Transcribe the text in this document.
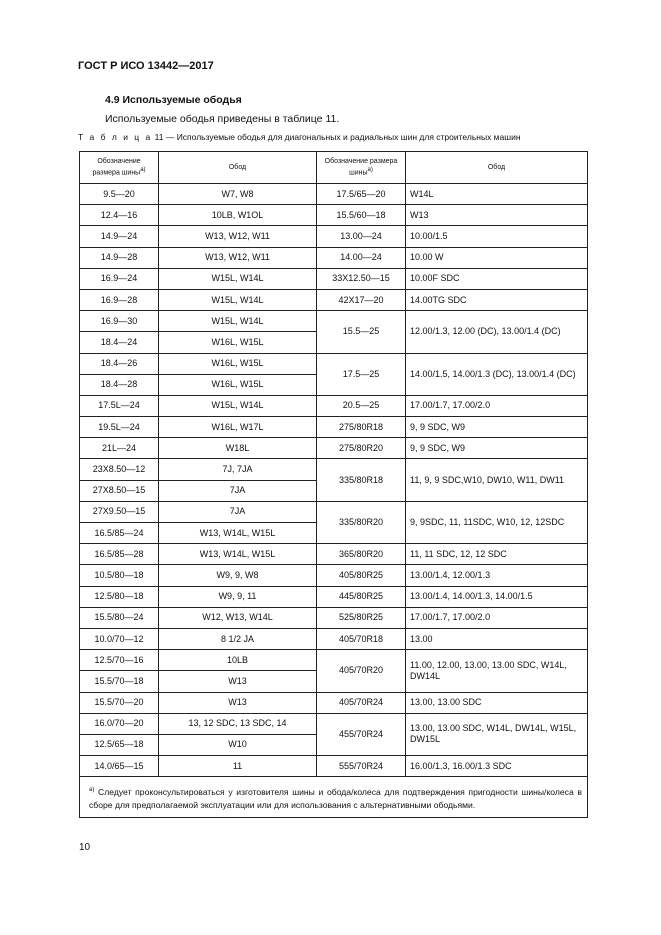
ГОСТ Р ИСО 13442—2017
4.9 Используемые ободья
Используемые ободья приведены в таблице 11.
Т а б л и ц а 11 — Используемые ободья для диагональных и радиальных шин для строительных машин
Обозначение размера шины$^{а)}$	Обод	Обозначение размера шины$^{а)}$	Обод
9.5—20	W7, W8	17.5/65—20	W14L
12.4—16	10LB, W1OL	15.5/60—18	W13
14.9—24	W13, W12, W11	13.00—24	10.00/1.5
14.9—28	W13, W12, W11	14.00—24	10.00 W
16.9—24	W15L, W14L	33X12.50—15	10.00F SDC
16.9—28	W15L, W14L	42X17—20	14.00TG SDC
16.9—30	W15L, W14L	15.5—25	12.00/1.3, 12.00 (DC), 13.00/1.4 (DC)
18.4—24	W16L, W15L		
18.4—26	W16L, W15L	17.5—25	14.00/1.5, 14.00/1.3 (DC), 13.00/1.4 (DC)
18.4—28	W16L, W15L		
17.5L—24	W15L, W14L	20.5—25	17.00/1.7, 17.00/2.0
19.5L—24	W16L, W17L	275/80R18	9, 9 SDC, W9
21L—24	W18L	275/80R20	9, 9 SDC, W9
23X8.50—12	7J, 7JA	335/80R18	11, 9, 9 SDC,W10, DW10, W11, DW11
27X8.50—15	7JA		
27X9.50—15	7JA	335/80R20	9, 9SDC, 11, 11SDC, W10, 12, 12SDC
16.5/85—24	W13, W14L, W15L		
16.5/85—28	W13, W14L, W15L	365/80R20	11, 11 SDC, 12, 12 SDC
10.5/80—18	W9, 9, W8	405/80R25	13.00/1.4, 12.00/1.3
12.5/80—18	W9, 9, 11	445/80R25	13.00/1.4, 14.00/1.3, 14.00/1.5
15.5/80—24	W12, W13, W14L	525/80R25	17.00/1.7, 17.00/2.0
10.0/70—12	8 1/2 JA	405/70R18	13.00
12.5/70—16	10LB	405/70R20	11.00, 12.00, 13.00, 13.00 SDC, W14L, DW14L
15.5/70—18	W13		
15.5/70—20	W13	405/70R24	13.00, 13.00 SDC
16.0/70—20	13, 12 SDC, 13 SDC, 14	455/70R24	13.00, 13.00 SDC, W14L, DW14L, W15L, DW15L
12.5/65—18	W10		
14.0/65—15	11	555/70R24	16.00/1.3, 16.00/1.3 SDC
$^{а)}$ Следует проконсультироваться у изготовителя шины и обода/колеса для подтверждения пригодности шины/колеса в сборе для предполагаемой эксплуатации или для использования с альтернативными ободьями.			
10
